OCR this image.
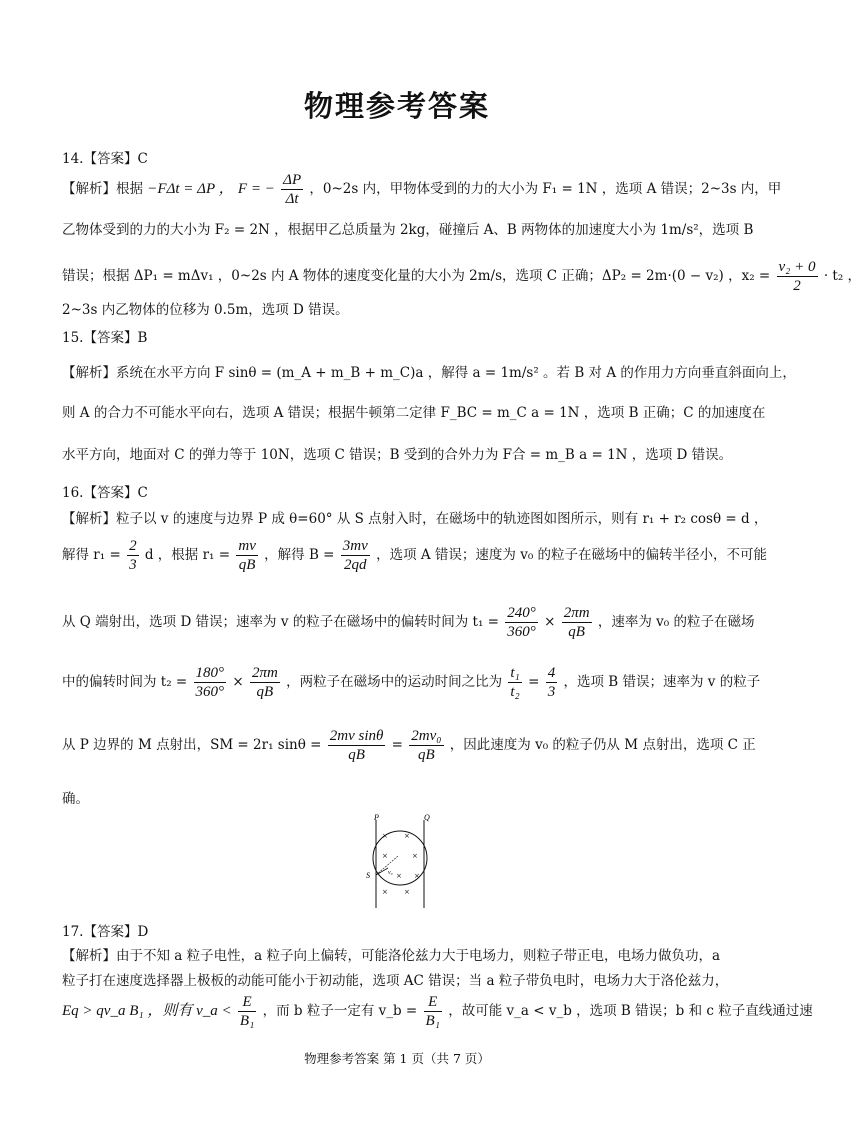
物理参考答案
14.【答案】C
【解析】根据 −FΔt = ΔP ， F = − $\frac{\Delta P}{\Delta t}$ ，0~2s 内，甲物体受到的力的大小为 F₁ = 1N ，选项 A 错误；2~3s 内，甲
乙物体受到的力的大小为 F₂ = 2N ，根据甲乙总质量为 2kg，碰撞后 A、B 两物体的加速度大小为 1m/s²，选项 B
错误；根据 ΔP₁ = mΔv₁ ，0~2s 内 A 物体的速度变化量的大小为 2m/s，选项 C 正确；ΔP₂ = 2m·(0 − v₂) ，$x_2 = \frac{\text{v₂ + 0}}{2} \cdot t_2$ ，
2~3s 内乙物体的位移为 0.5m，选项 D 错误。
15.【答案】B
【解析】系统在水平方向 F sinθ = (m_A + m_B + m_C)a ，解得 a = 1m/s² 。若 B 对 A 的作用力方向垂直斜面向上，
则 A 的合力不可能水平向右，选项 A 错误；根据牛顿第二定律 F_BC = m_C a = 1N ，选项 B 正确；C 的加速度在
水平方向，地面对 C 的弹力等于 10N，选项 C 错误；B 受到的合外力为 F合 = m_B a = 1N ，选项 D 错误。
16.【答案】C
【解析】粒子以 v 的速度与边界 P 成 θ=60° 从 S 点射入时，在磁场中的轨迹图如图所示，则有 r₁ + r₂ cosθ = d ，
解得 $r_1 = \frac{2}{3}$ d ，根据 $r_1 = \frac{mv}{qB}$ ，解得 $B = \frac{3mv}{2qd}$ ，选项 A 错误；速度为 v₀ 的粒子在磁场中的偏转半径小，不可能
从 Q 端射出，选项 D 错误；速率为 v 的粒子在磁场中的偏转时间为 $t_1 = \frac{240^\circ}{360^\circ} \times \frac{2\pi m}{qB}$ ，速率为 v₀ 的粒子在磁场
中的偏转时间为 $t_2 = \frac{180^\circ}{360^\circ} \times \frac{2\pi m}{qB}$ ，两粒子在磁场中的运动时间之比为 $\frac{\text{t₁}}{\text{t₂}} = \frac{4}{3}$ ，选项 B 错误；速率为 v 的粒子
从 P 边界的 M 点射出，SM = 2r₁ $\sin\theta = \frac{\text{2mv sinθ}}{qB} = \frac{\text{2mv₀}}{qB}$ ，因此速度为 v₀ 的粒子仍从 M 点射出，选项 C 正
确。
P	Q
S	v₀
× ×
×	×
× ×
× ×
17.【答案】D
【解析】由于不知 a 粒子电性，a 粒子向上偏转，可能洛伦兹力大于电场力，则粒子带正电，电场力做负功，a
粒子打在速度选择器上极板的动能可能小于初动能，选项 AC 错误；当 a 粒子带负电时，电场力大于洛伦兹力，
Eq > qv_a B₁ ，则有 v_a < $\frac{E}{\text{B₁}}$ ，而 b 粒子一定有 v_b = $\frac{E}{\text{B₁}}$ ，故可能 v_a < v_b ，选项 B 错误；b 和 c 粒子直线通过速
物理参考答案 第 1 页（共 7 页）
